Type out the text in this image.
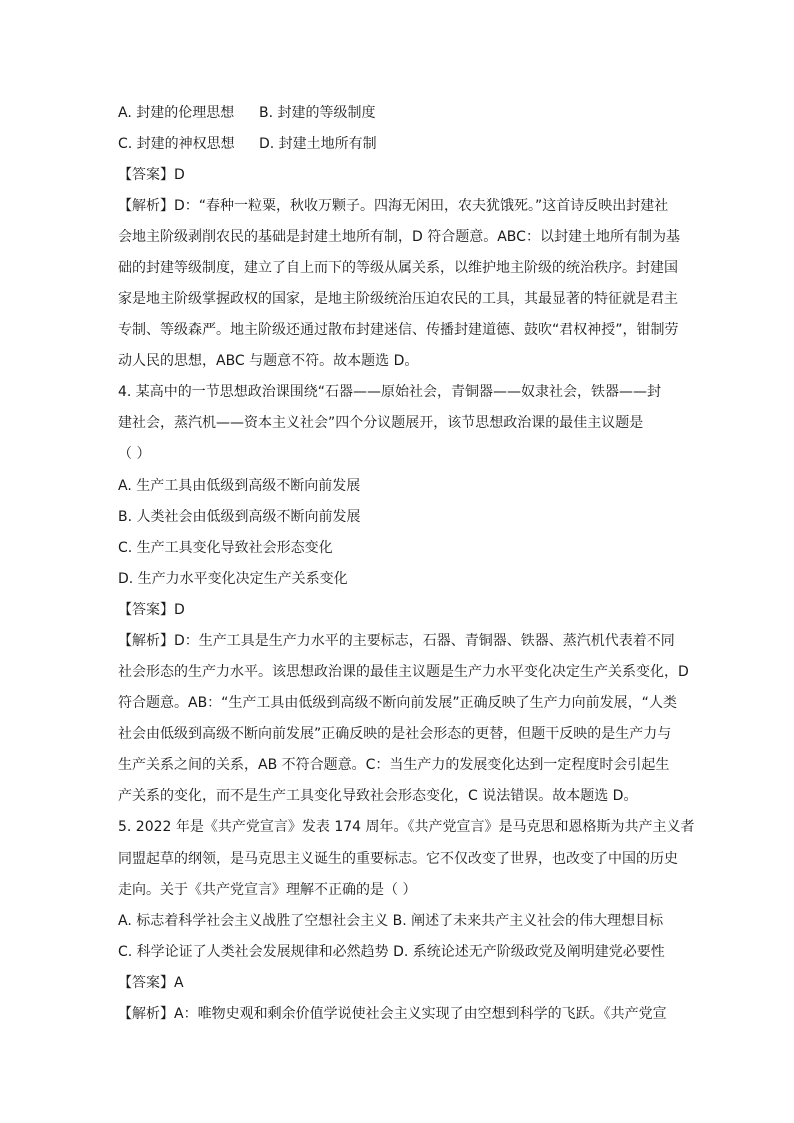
A. 封建的伦理思想 B. 封建的等级制度
C. 封建的神权思想 D. 封建土地所有制
【答案】D
【解析】D：“春种一粒粟，秋收万颗子。四海无闲田，农夫犹饿死。”这首诗反映出封建社
会地主阶级剥削农民的基础是封建土地所有制，D 符合题意。ABC：以封建土地所有制为基
础的封建等级制度，建立了自上而下的等级从属关系，以维护地主阶级的统治秩序。封建国
家是地主阶级掌握政权的国家，是地主阶级统治压迫农民的工具，其最显著的特征就是君主
专制、等级森严。地主阶级还通过散布封建迷信、传播封建道德、鼓吹“君权神授”，钳制劳
动人民的思想，ABC 与题意不符。故本题选 D。
4. 某高中的一节思想政治课围绕“石器——原始社会，青铜器——奴隶社会，铁器——封
建社会，蒸汽机——资本主义社会”四个分议题展开，该节思想政治课的最佳主议题是
（ ）
A. 生产工具由低级到高级不断向前发展
B. 人类社会由低级到高级不断向前发展
C. 生产工具变化导致社会形态变化
D. 生产力水平变化决定生产关系变化
【答案】D
【解析】D：生产工具是生产力水平的主要标志，石器、青铜器、铁器、蒸汽机代表着不同
社会形态的生产力水平。该思想政治课的最佳主议题是生产力水平变化决定生产关系变化，D
符合题意。AB：“生产工具由低级到高级不断向前发展”正确反映了生产力向前发展，“人类
社会由低级到高级不断向前发展”正确反映的是社会形态的更替，但题干反映的是生产力与
生产关系之间的关系，AB 不符合题意。C：当生产力的发展变化达到一定程度时会引起生
产关系的变化，而不是生产工具变化导致社会形态变化，C 说法错误。故本题选 D。
5. 2022 年是《共产党宣言》发表 174 周年。《共产党宣言》是马克思和恩格斯为共产主义者
同盟起草的纲领，是马克思主义诞生的重要标志。它不仅改变了世界，也改变了中国的历史
走向。关于《共产党宣言》理解不正确的是（ ）
A. 标志着科学社会主义战胜了空想社会主义 B. 阐述了未来共产主义社会的伟大理想目标
C. 科学论证了人类社会发展规律和必然趋势 D. 系统论述无产阶级政党及阐明建党必要性
【答案】A
【解析】A：唯物史观和剩余价值学说使社会主义实现了由空想到科学的飞跃。《共产党宣
